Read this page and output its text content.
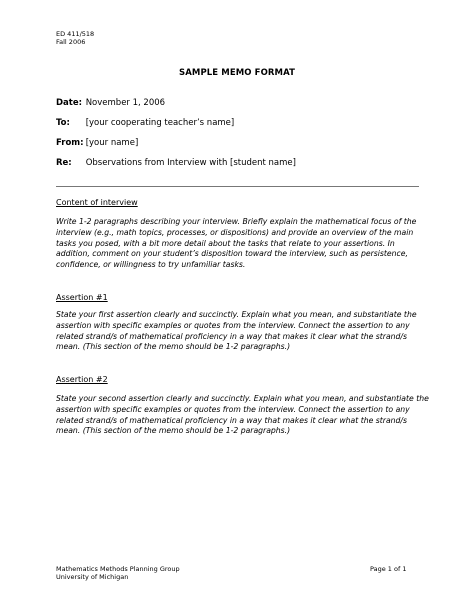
ED 411/518
Fall 2006
SAMPLE MEMO FORMAT
Date: November 1, 2006
To: [your cooperating teacher’s name]
From: [your name]
Re: Observations from Interview with [student name]
Content of interview
Write 1-2 paragraphs describing your interview. Briefly explain the mathematical focus of the
interview (e.g., math topics, processes, or dispositions) and provide an overview of the main
tasks you posed, with a bit more detail about the tasks that relate to your assertions. In
addition, comment on your student’s disposition toward the interview, such as persistence,
confidence, or willingness to try unfamiliar tasks.
Assertion #1
State your first assertion clearly and succinctly. Explain what you mean, and substantiate the
assertion with specific examples or quotes from the interview. Connect the assertion to any
related strand/s of mathematical proficiency in a way that makes it clear what the strand/s
mean. (This section of the memo should be 1-2 paragraphs.)
Assertion #2
State your second assertion clearly and succinctly. Explain what you mean, and substantiate the
assertion with specific examples or quotes from the interview. Connect the assertion to any
related strand/s of mathematical proficiency in a way that makes it clear what the strand/s
mean. (This section of the memo should be 1-2 paragraphs.)
Mathematics Methods Planning Group
University of Michigan
Page 1 of 1
